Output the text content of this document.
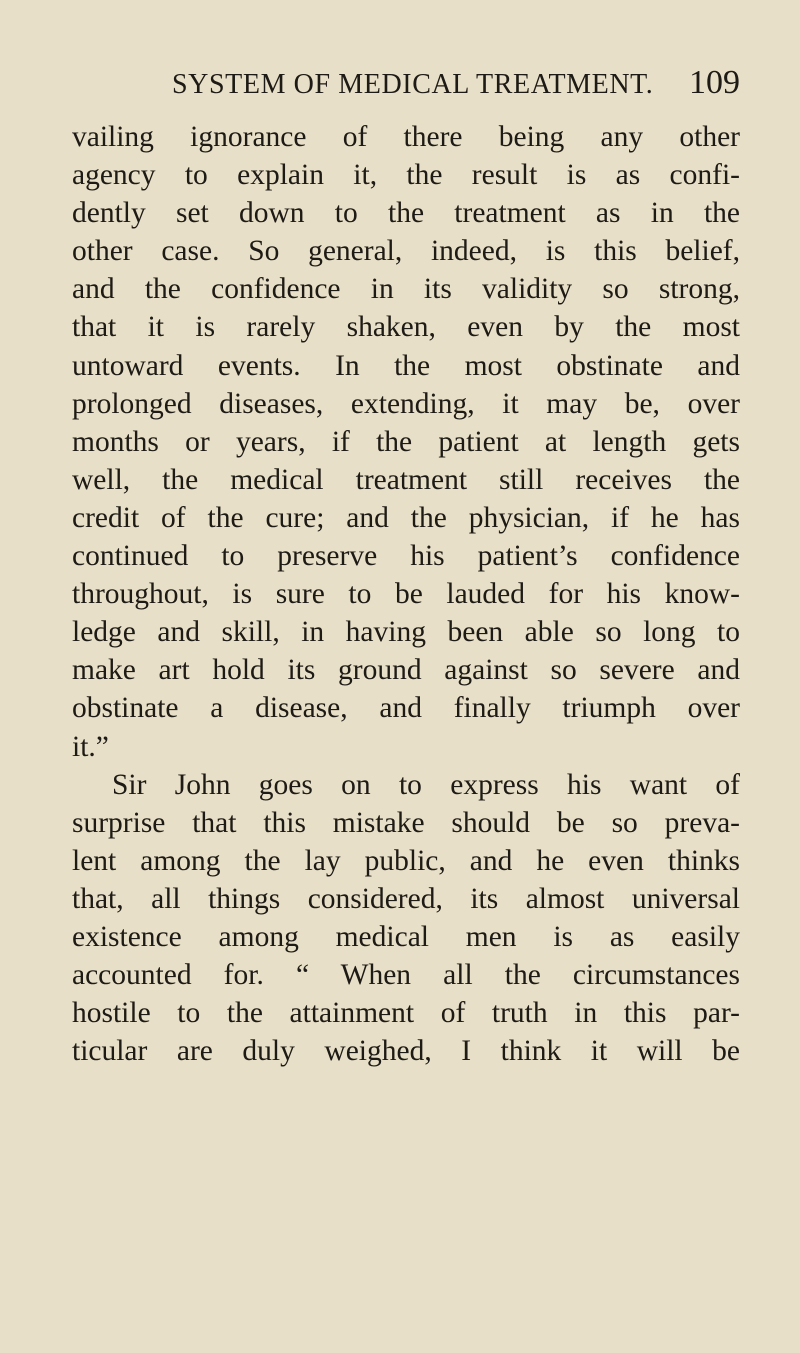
SYSTEM OF MEDICAL TREATMENT. 109
vailing ignorance of there being any other
agency to explain it, the result is as confi-
dently set down to the treatment as in the
other case. So general, indeed, is this belief,
and the confidence in its validity so strong,
that it is rarely shaken, even by the most
untoward events. In the most obstinate and
prolonged diseases, extending, it may be, over
months or years, if the patient at length gets
well, the medical treatment still receives the
credit of the cure; and the physician, if he has
continued to preserve his patient’s confidence
throughout, is sure to be lauded for his know-
ledge and skill, in having been able so long to
make art hold its ground against so severe and
obstinate a disease, and finally triumph over
it.”
Sir John goes on to express his want of
surprise that this mistake should be so preva-
lent among the lay public, and he even thinks
that, all things considered, its almost universal
existence among medical men is as easily
accounted for. “ When all the circumstances
hostile to the attainment of truth in this par-
ticular are duly weighed, I think it will be
